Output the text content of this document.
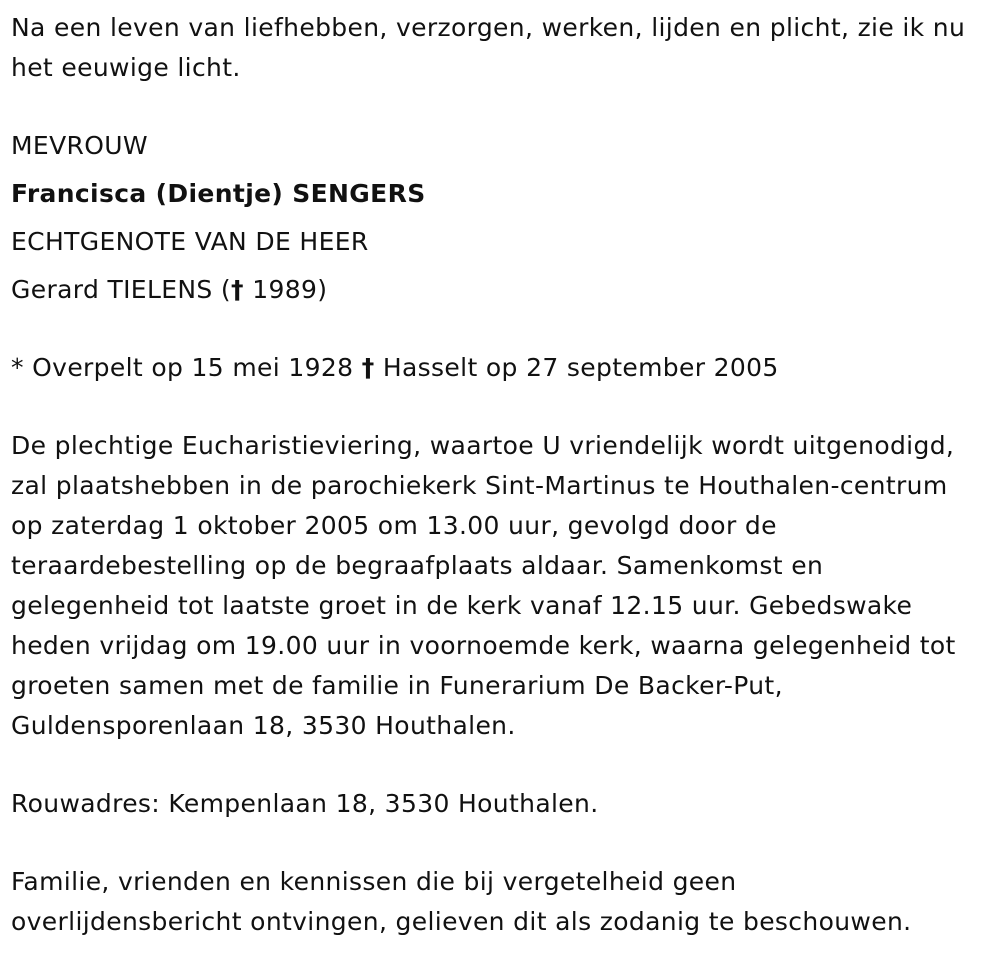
Na een leven van liefhebben, verzorgen, werken, lijden en plicht, zie ik nu

het eeuwige licht.

MEVROUW

Francisca (Dientje) SENGERS

ECHTGENOTE VAN DE HEER

Gerard TIELENS († 1989)

* Overpelt op 15 mei 1928 † Hasselt op 27 september 2005

De plechtige Eucharistieviering, waartoe U vriendelijk wordt uitgenodigd,

zal plaatshebben in de parochiekerk Sint-Martinus te Houthalen-centrum

op zaterdag 1 oktober 2005 om 13.00 uur, gevolgd door de

teraardebestelling op de begraafplaats aldaar. Samenkomst en

gelegenheid tot laatste groet in de kerk vanaf 12.15 uur. Gebedswake

heden vrijdag om 19.00 uur in voornoemde kerk, waarna gelegenheid tot

groeten samen met de familie in Funerarium De Backer-Put,

Guldensporenlaan 18, 3530 Houthalen.

Rouwadres: Kempenlaan 18, 3530 Houthalen.

Familie, vrienden en kennissen die bij vergetelheid geen

overlijdensbericht ontvingen, gelieven dit als zodanig te beschouwen.
